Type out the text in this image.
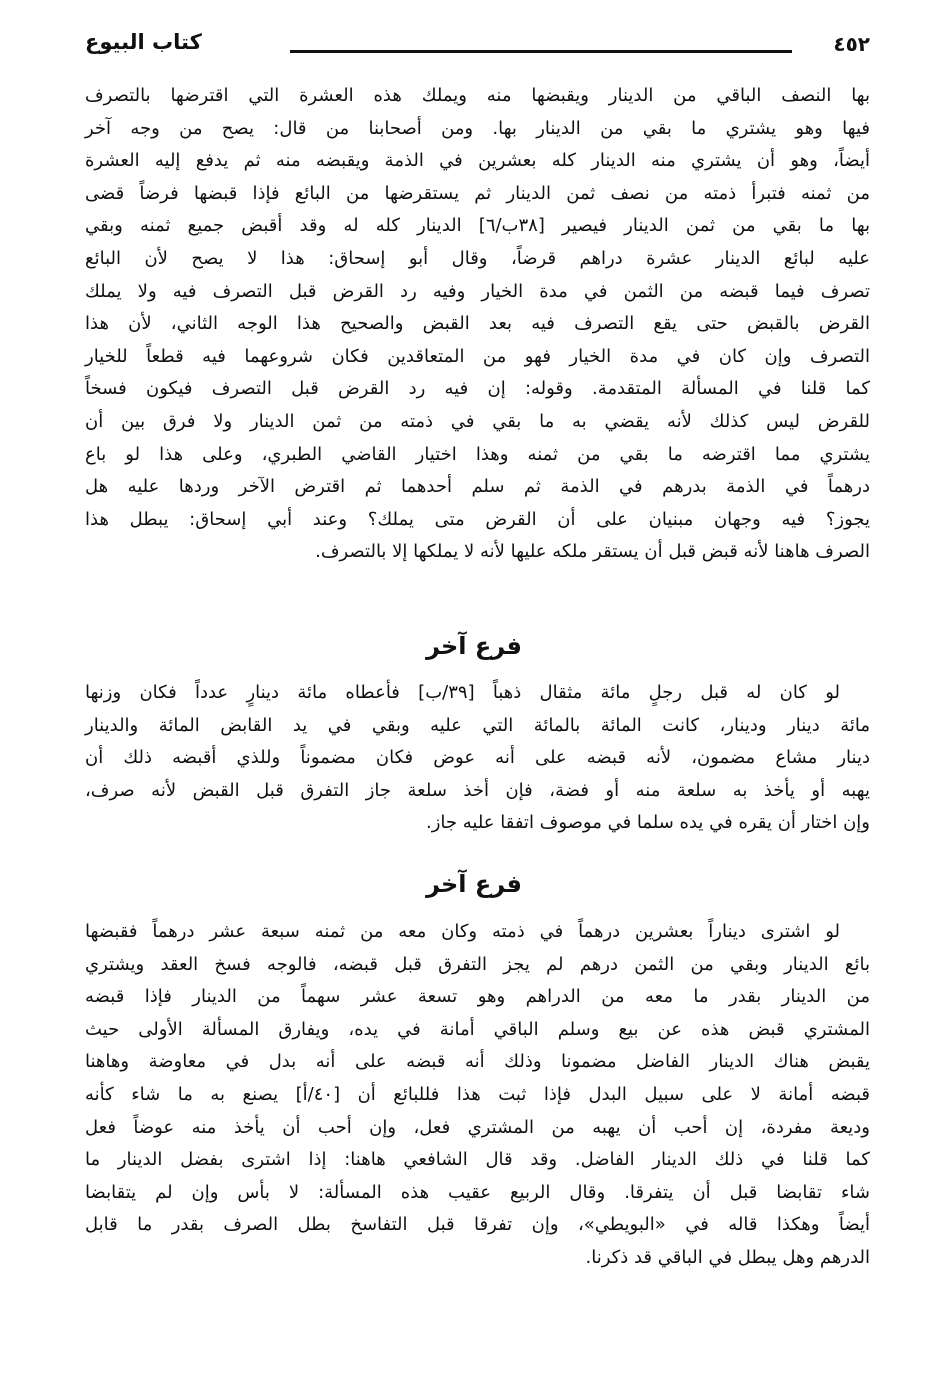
٤٥٢
كتاب البيوع
بها النصف الباقي من الدينار ويقبضها منه ويملك هذه العشرة التي اقترضها بالتصرف
فيها وهو يشتري ما بقي من الدينار بها. ومن أصحابنا من قال: يصح من وجه آخر
أيضاً، وهو أن يشتري منه الدينار كله بعشرين في الذمة ويقبضه منه ثم يدفع إليه العشرة
من ثمنه فتبرأ ذمته من نصف ثمن الدينار ثم يستقرضها من البائع فإذا قبضها فرضاً قضى
بها ما بقي من ثمن الدينار فيصير [٣٨ب/٦] الدينار كله له وقد أقبض جميع ثمنه وبقي
عليه لبائع الدينار عشرة دراهم قرضاً، وقال أبو إسحاق: هذا لا يصح لأن البائع
تصرف فيما قبضه من الثمن في مدة الخيار وفيه رد القرض قبل التصرف فيه ولا يملك
القرض بالقبض حتى يقع التصرف فيه بعد القبض والصحيح هذا الوجه الثاني، لأن هذا
التصرف وإن كان في مدة الخيار فهو من المتعاقدين فكان شروعهما فيه قطعاً للخيار
كما قلنا في المسألة المتقدمة. وقوله: إن فيه رد القرض قبل التصرف فيكون فسخاً
للقرض ليس كذلك لأنه يقضي به ما بقي في ذمته من ثمن الدينار ولا فرق بين أن
يشتري مما اقترضه ما بقي من ثمنه وهذا اختيار القاضي الطبري، وعلى هذا لو باع
درهماً في الذمة بدرهم في الذمة ثم سلم أحدهما ثم اقترض الآخر وردها عليه هل
يجوز؟ فيه وجهان مبنيان على أن القرض متى يملك؟ وعند أبي إسحاق: يبطل هذا
الصرف هاهنا لأنه قبض قبل أن يستقر ملكه عليها لأنه لا يملكها إلا بالتصرف.
فرع آخر
لو كان له قبل رجلٍ مائة مثقال ذهباً [٣٩/ب] فأعطاه مائة دينارٍ عدداً فكان وزنها
مائة دينار ودينار، كانت المائة بالمائة التي عليه وبقي في يد القابض المائة والدينار
دينار مشاع مضمون، لأنه قبضه على أنه عوض فكان مضموناً وللذي أقبضه ذلك أن
يهبه أو يأخذ به سلعة منه أو فضة، فإن أخذ سلعة جاز التفرق قبل القبض لأنه صرف،
وإن اختار أن يقره في يده سلما في موصوف اتفقا عليه جاز.
فرع آخر
لو اشترى ديناراً بعشرين درهماً في ذمته وكان معه من ثمنه سبعة عشر درهماً فقبضها
بائع الدينار وبقي من الثمن درهم لم يجز التفرق قبل قبضه، فالوجه فسخ العقد ويشتري
من الدينار بقدر ما معه من الدراهم وهو تسعة عشر سهماً من الدينار فإذا قبضه
المشتري قبض هذه عن بيع وسلم الباقي أمانة في يده، ويفارق المسألة الأولى حيث
يقبض هناك الدينار الفاضل مضمونا وذلك أنه قبضه على أنه بدل في معاوضة وهاهنا
قبضه أمانة لا على سبيل البدل فإذا ثبت هذا فللبائع أن [٤٠/أ] يصنع به ما شاء كأنه
وديعة مفردة، إن أحب أن يهبه من المشتري فعل، وإن أحب أن يأخذ منه عوضاً فعل
كما قلنا في ذلك الدينار الفاضل. وقد قال الشافعي هاهنا: إذا اشترى بفضل الدينار ما
شاء تقابضا قبل أن يتفرقا. وقال الربيع عقيب هذه المسألة: لا بأس وإن لم يتقابضا
أيضاً وهكذا قاله في «البويطي»، وإن تفرقا قبل التفاسخ بطل الصرف بقدر ما قابل
الدرهم وهل يبطل في الباقي قد ذكرنا.
